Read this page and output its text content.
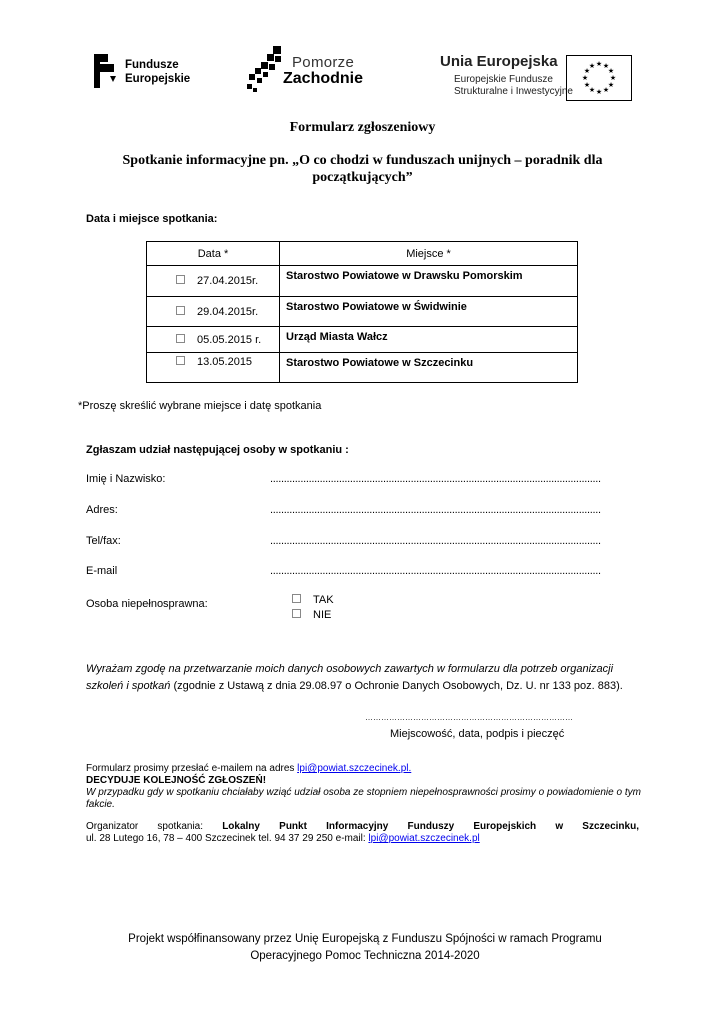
Fundusze
Europejskie
Pomorze
Zachodnie
Unia Europejska
Europejskie Fundusze
Strukturalne i Inwestycyjne
★ ★
★
★
★
★
★
★
★
★
★
★
Formularz zgłoszeniowy
Spotkanie informacyjne pn. „O co chodzi w funduszach unijnych – poradnik dla
początkujących”
Data i miejsce spotkania:
Data *	Miejsce *
27.04.2015r.	Starostwo Powiatowe w Drawsku Pomorskim
29.04.2015r.	Starostwo Powiatowe w Świdwinie
05.05.2015 r.	Urząd Miasta Wałcz
13.05.2015	Starostwo Powiatowe w Szczecinku
*Proszę skreślić wybrane miejsce i datę spotkania
Zgłaszam udział następującej osoby w spotkaniu :
Imię i Nazwisko:	........................................................................................................................
Adres:	........................................................................................................................
Tel/fax:	........................................................................................................................
E-mail	........................................................................................................................
Osoba niepełnosprawna:	TAK
NIE
Wyrażam zgodę na przetwarzanie moich danych osobowych zawartych w formularzu dla potrzeb organizacji
szkoleń i spotkań (zgodnie z Ustawą z dnia 29.08.97 o Ochronie Danych Osobowych, Dz. U. nr 133 poz. 883).
……………………………………………………………………
Miejscowość, data, podpis i pieczęć
Formularz prosimy przesłać e-mailem na adres lpi@powiat.szczecinek.pl.
DECYDUJE KOLEJNOŚĆ ZGŁOSZEŃ!
W przypadku gdy w spotkaniu chciałaby wziąć udział osoba ze stopniem niepełnosprawności prosimy o powiadomienie o tym fakcie.
Organizator spotkania: Lokalny Punkt Informacyjny Funduszy Europejskich w Szczecinku,
ul. 28 Lutego 16, 78 – 400 Szczecinek tel. 94 37 29 250 e-mail: lpi@powiat.szczecinek.pl
Projekt współfinansowany przez Unię Europejską z Funduszu Spójności w ramach Programu
Operacyjnego Pomoc Techniczna 2014-2020
